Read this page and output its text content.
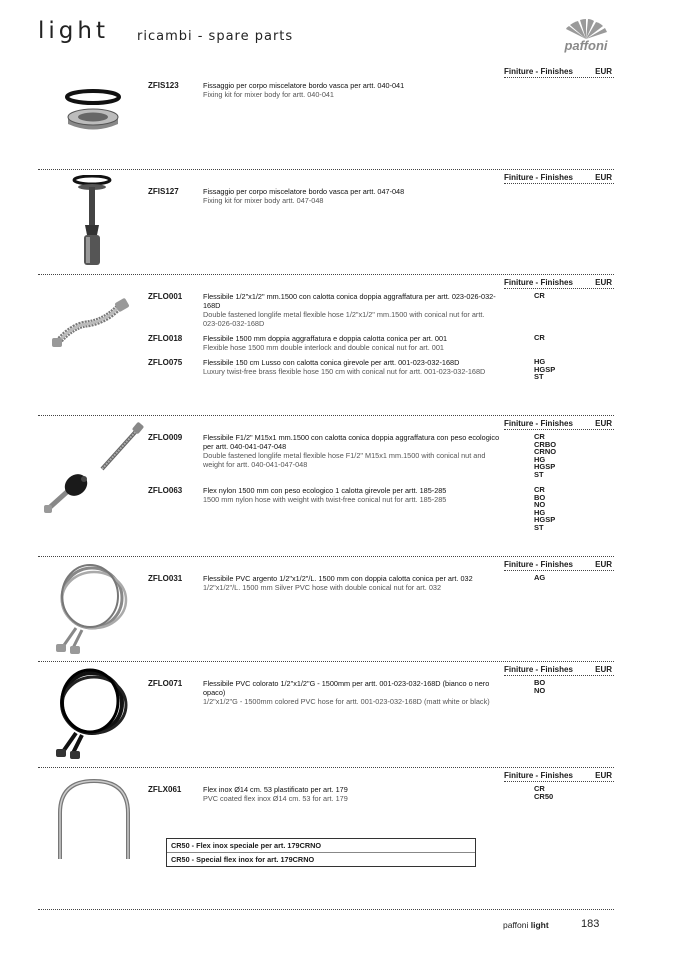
light ricambi - spare parts
paffoni
Finiture - Finishes	EUR
ZFIS123	Fissaggio per corpo miscelatore bordo vasca per artt. 040-041
Fixing kit for mixer body for artt. 040-041
Finiture - Finishes	EUR
ZFIS127	Fissaggio per corpo miscelatore bordo vasca per artt. 047-048
Fixing kit for mixer body artt. 047-048
Finiture - Finishes	EUR
ZFLO001	Flessibile 1/2"x1/2" mm.1500 con calotta conica doppia aggraffatura per artt. 023-026-032-168D
Double fastened longlife metal flexible hose 1/2"x1/2" mm.1500 with conical nut for artt. 023-026-032-168D
CR
ZFLO018	Flessibile 1500 mm doppia aggraffatura e doppia calotta conica per art. 001
Flexible hose 1500 mm double interlock and double conical nut for art. 001
CR
ZFLO075	Flessibile 150 cm Lusso con calotta conica girevole per artt. 001-023-032-168D
Luxury twist-free brass flexible hose 150 cm with conical nut for artt. 001-023-032-168D
HG
HGSP
ST
Finiture - Finishes	EUR
ZFLO009	Flessibile F1/2" M15x1 mm.1500 con calotta conica doppia aggraffatura con peso ecologico per artt. 040-041-047-048
Double fastened longlife metal flexible hose F1/2" M15x1 mm.1500 with conical nut and weight for artt. 040-041-047-048
CR
CRBO
CRNO
HG
HGSP
ST
ZFLO063	Flex nylon 1500 mm con peso ecologico 1 calotta girevole per artt. 185-285
1500 mm nylon hose with weight with twist-free conical nut for artt. 185-285
CR
BO
NO
HG
HGSP
ST
Finiture - Finishes	EUR
ZFLO031	Flessibile PVC argento 1/2"x1/2"/L. 1500 mm con doppia calotta conica per art. 032
1/2"x1/2"/L. 1500 mm Silver PVC hose with double conical nut for art. 032
AG
Finiture - Finishes	EUR
ZFLO071	Flessibile PVC colorato 1/2"x1/2"G - 1500mm per artt. 001-023-032-168D (bianco o nero opaco)
1/2"x1/2"G - 1500mm colored PVC hose for artt. 001-023-032-168D (matt white or black)
BO
NO
Finiture - Finishes	EUR
ZFLX061	Flex inox Ø14 cm. 53 plastificato per art. 179
PVC coated flex inox Ø14 cm. 53 for art. 179
CR
CR50
CR50 - Flex inox speciale per art. 179CRNO
CR50 - Special flex inox for art. 179CRNO
paffoni light	183
